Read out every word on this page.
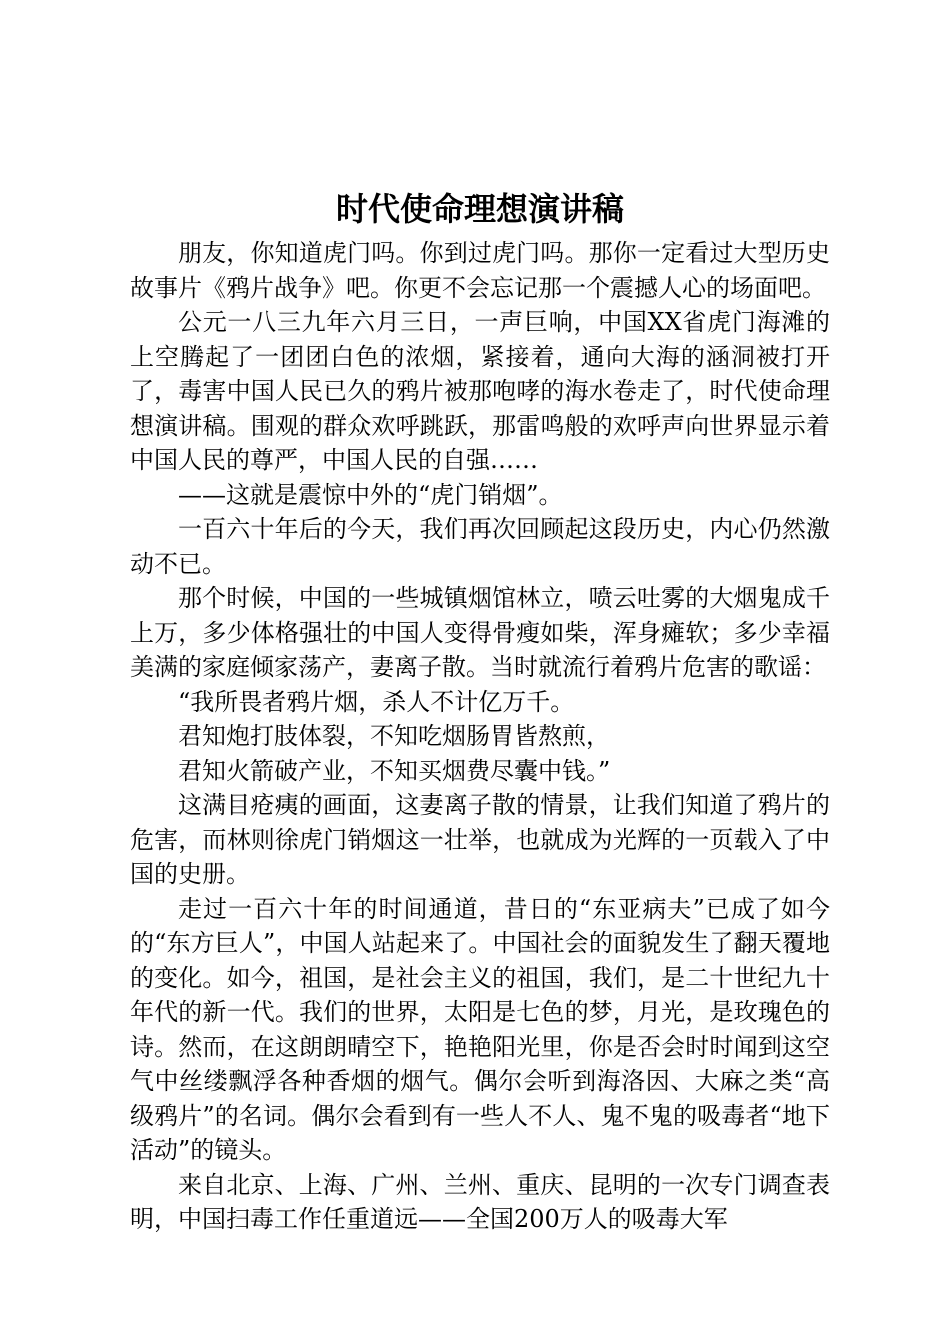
时代使命理想演讲稿

朋友，你知道虎门吗。你到过虎门吗。那你一定看过大型历史故事片《鸦片战争》吧。你更不会忘记那一个震撼人心的场面吧。

公元一八三九年六月三日，一声巨响，中国XX省虎门海滩的上空腾起了一团团白色的浓烟，紧接着，通向大海的涵洞被打开了，毒害中国人民已久的鸦片被那咆哮的海水卷走了，时代使命理想演讲稿。围观的群众欢呼跳跃，那雷鸣般的欢呼声向世界显示着中国人民的尊严，中国人民的自强……

——这就是震惊中外的“虎门销烟”。

一百六十年后的今天，我们再次回顾起这段历史，内心仍然激动不已。

那个时候，中国的一些城镇烟馆林立，喷云吐雾的大烟鬼成千上万，多少体格强壮的中国人变得骨瘦如柴，浑身瘫软；多少幸福美满的家庭倾家荡产，妻离子散。当时就流行着鸦片危害的歌谣：

“我所畏者鸦片烟，杀人不计亿万千。

君知炮打肢体裂，不知吃烟肠胃皆熬煎，

君知火箭破产业，不知买烟费尽囊中钱。”

这满目疮痍的画面，这妻离子散的情景，让我们知道了鸦片的危害，而林则徐虎门销烟这一壮举，也就成为光辉的一页载入了中国的史册。

走过一百六十年的时间通道，昔日的“东亚病夫”已成了如今的“东方巨人”，中国人站起来了。中国社会的面貌发生了翻天覆地的变化。如今，祖国，是社会主义的祖国，我们，是二十世纪九十年代的新一代。我们的世界，太阳是七色的梦，月光，是玫瑰色的诗。然而，在这朗朗晴空下，艳艳阳光里，你是否会时时闻到这空气中丝缕飘浮各种香烟的烟气。偶尔会听到海洛因、大麻之类“高级鸦片”的名词。偶尔会看到有一些人不人、鬼不鬼的吸毒者“地下活动”的镜头。

来自北京、上海、广州、兰州、重庆、昆明的一次专门调查表明，中国扫毒工作任重道远——全国200万人的吸毒大军
